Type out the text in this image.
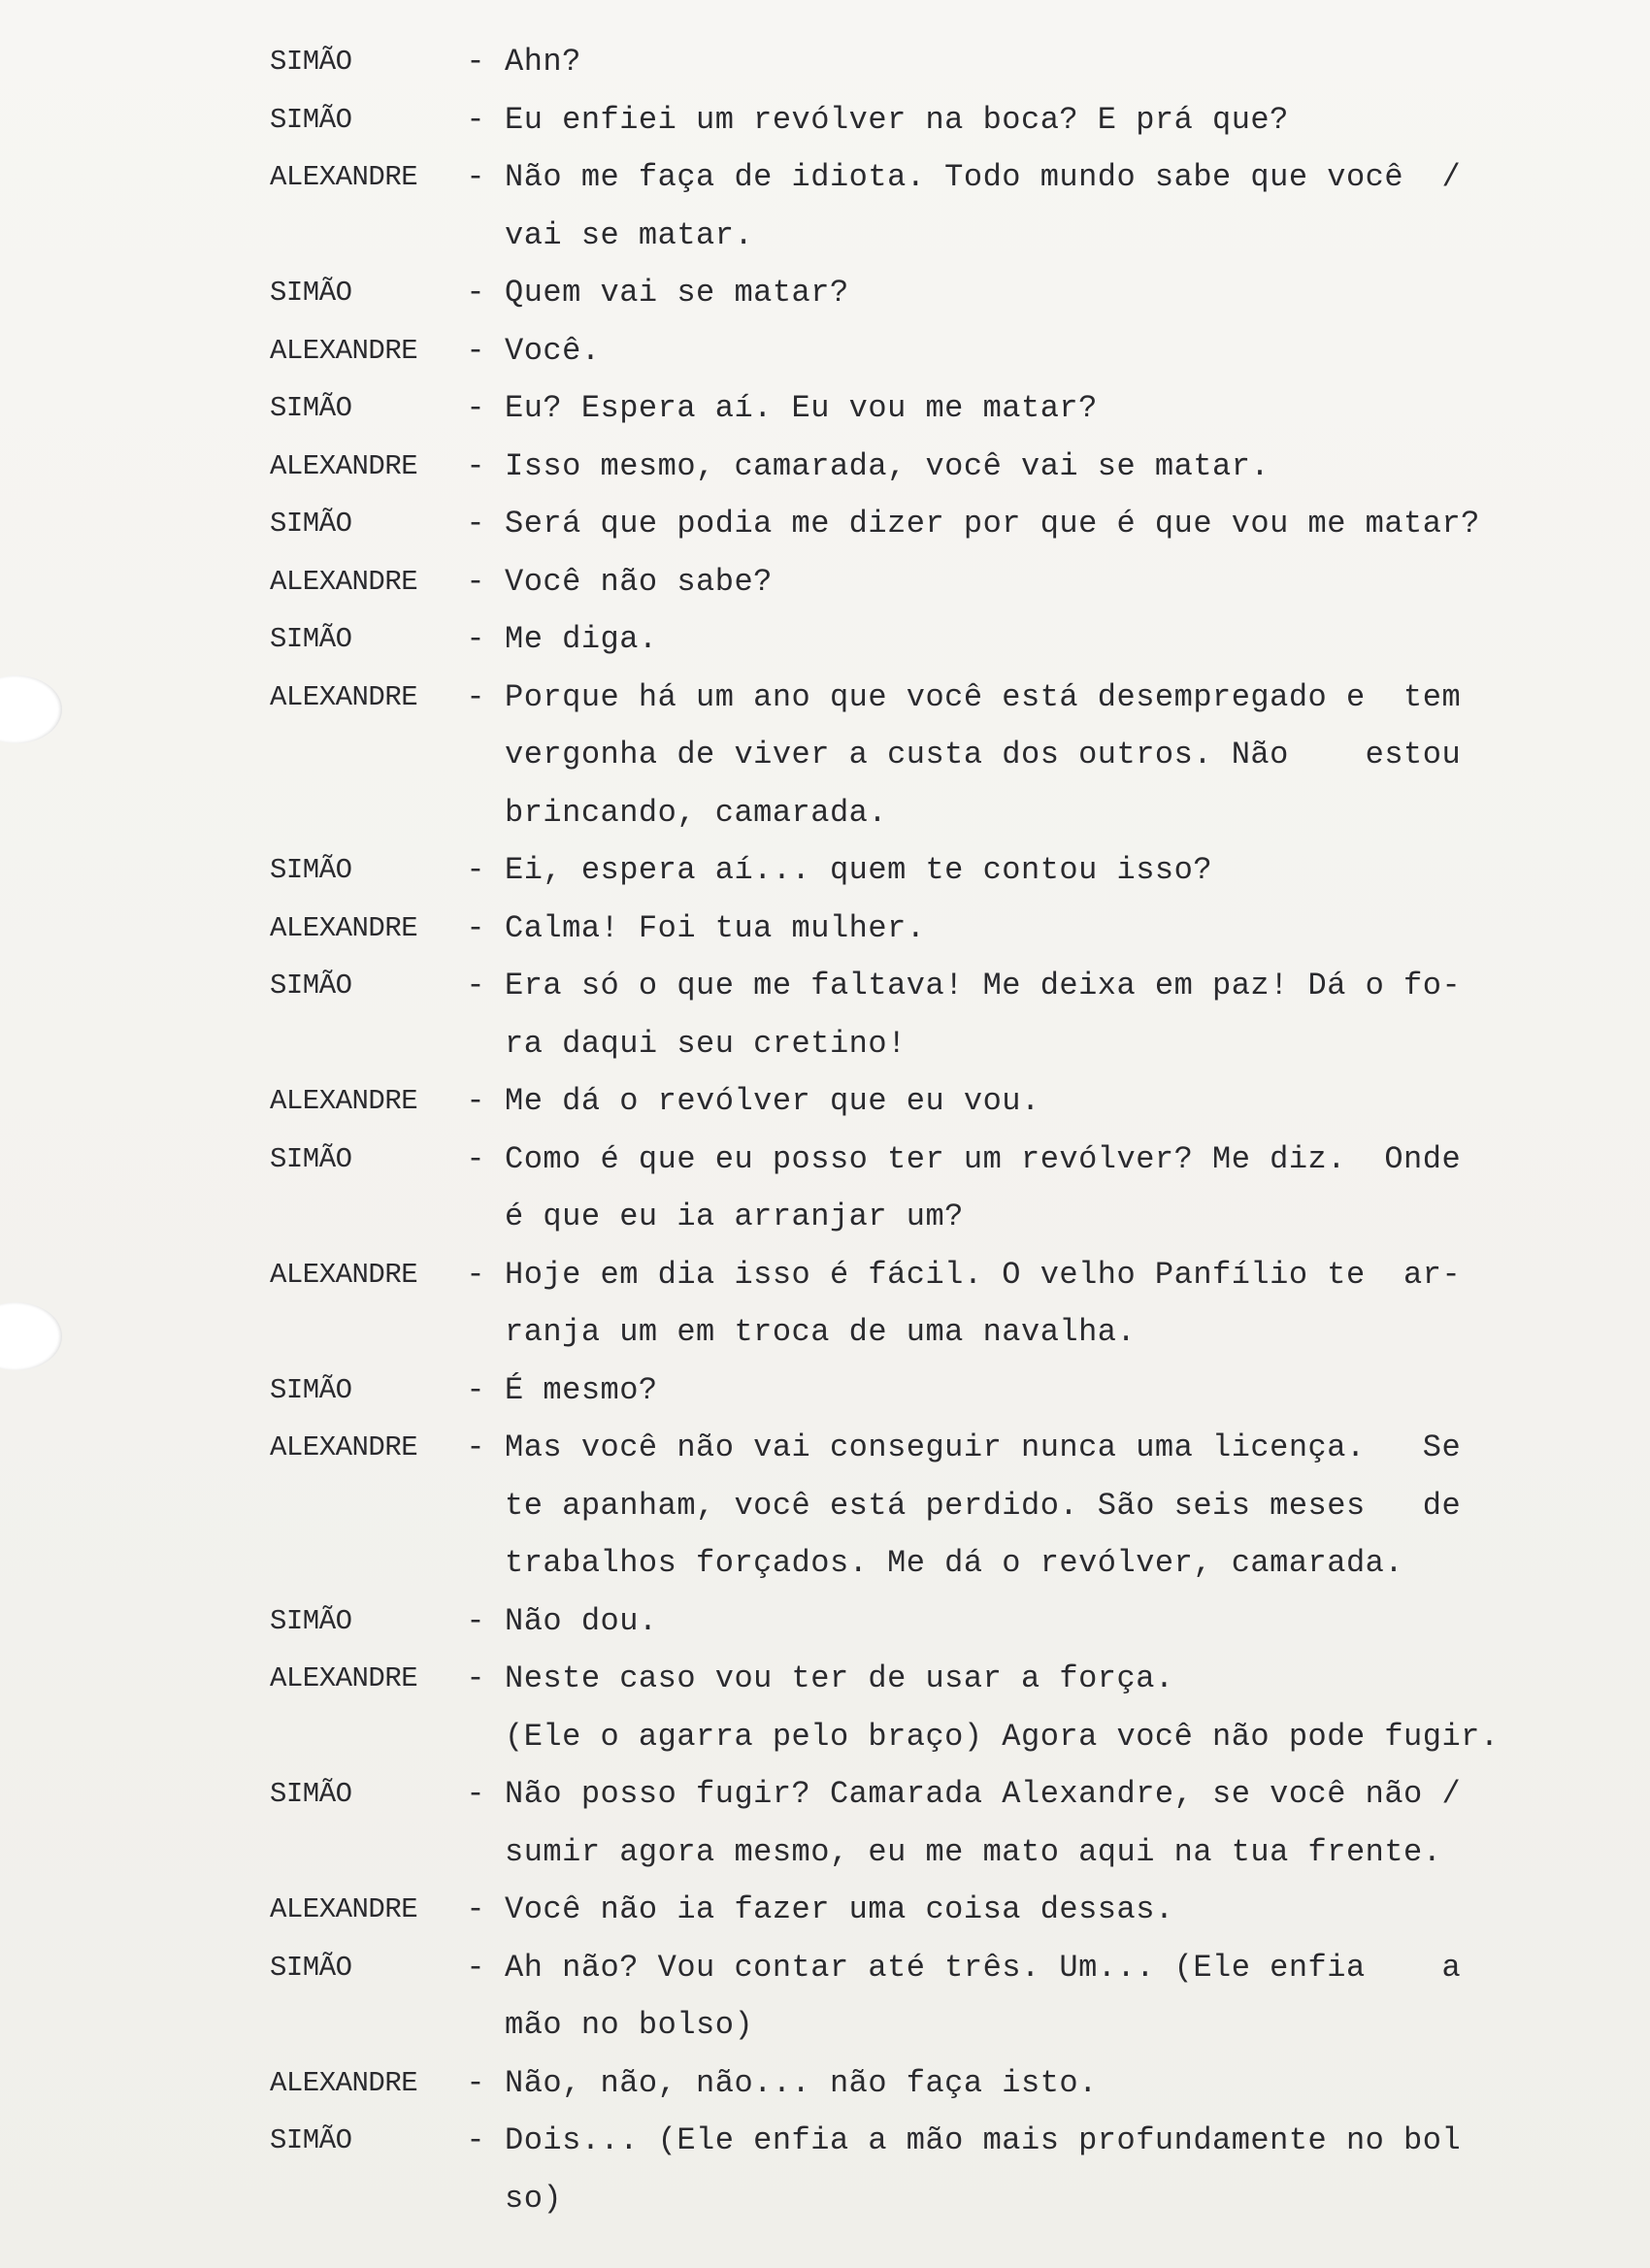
SIMÃO	- Ahn?
SIMÃO	- Eu enfiei um revólver na boca? E prá que?
ALEXANDRE	- Não me faça de idiota. Todo mundo sabe que você  /
vai se matar.
SIMÃO	- Quem vai se matar?
ALEXANDRE	- Você.
SIMÃO	- Eu? Espera aí. Eu vou me matar?
ALEXANDRE	- Isso mesmo, camarada, você vai se matar.
SIMÃO	- Será que podia me dizer por que é que vou me matar?
ALEXANDRE	- Você não sabe?
SIMÃO	- Me diga.
ALEXANDRE	- Porque há um ano que você está desempregado e  tem
vergonha de viver a custa dos outros. Não    estou
brincando, camarada.
SIMÃO	- Ei, espera aí... quem te contou isso?
ALEXANDRE	- Calma! Foi tua mulher.
SIMÃO	- Era só o que me faltava! Me deixa em paz! Dá o fo-
ra daqui seu cretino!
ALEXANDRE	- Me dá o revólver que eu vou.
SIMÃO	- Como é que eu posso ter um revólver? Me diz.  Onde
é que eu ia arranjar um?
ALEXANDRE	- Hoje em dia isso é fácil. O velho Panfílio te  ar-
ranja um em troca de uma navalha.
SIMÃO	- É mesmo?
ALEXANDRE	- Mas você não vai conseguir nunca uma licença.   Se
te apanham, você está perdido. São seis meses   de
trabalhos forçados. Me dá o revólver, camarada.
SIMÃO	- Não dou.
ALEXANDRE	- Neste caso vou ter de usar a força.
(Ele o agarra pelo braço) Agora você não pode fugir.
SIMÃO	- Não posso fugir? Camarada Alexandre, se você não /
sumir agora mesmo, eu me mato aqui na tua frente.
ALEXANDRE	- Você não ia fazer uma coisa dessas.
SIMÃO	- Ah não? Vou contar até três. Um... (Ele enfia    a
mão no bolso)
ALEXANDRE	- Não, não, não... não faça isto.
SIMÃO	- Dois... (Ele enfia a mão mais profundamente no bol
so)
